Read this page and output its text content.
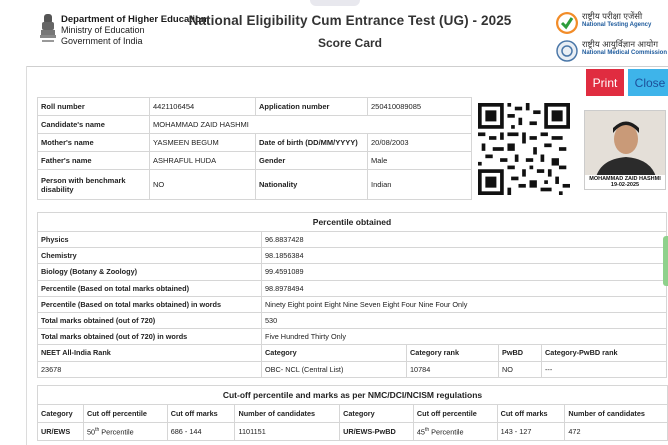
Department of Higher Education
Ministry of Education
Government of India
National Eligibility Cum Entrance Test (UG) - 2025
Score Card
राष्ट्रीय परीक्षा एजेंसी
National Testing Agency
राष्ट्रीय आयुर्विज्ञान आयोग
National Medical Commission
Print	Close
Roll number	4421106454	Application number	250410089085
Candidate's name	MOHAMMAD ZAID HASHMI		
Mother's name	YASMEEN BEGUM	Date of birth (DD/MM/YYYY)	20/08/2003
Father's name	ASHRAFUL HUDA	Gender	Male
Person with benchmark disability	NO	Nationality	Indian
MOHAMMAD ZAID HASHMI
19-02-2025
Percentile obtained				
Physics	96.8837428			
Chemistry	98.1856384			
Biology (Botany & Zoology)	99.4591089			
Percentile (Based on total marks obtained)	98.8978494			
Percentile (Based on total marks obtained) in words	Ninety Eight point Eight Nine Seven Eight Four Nine Four Only			
Total marks obtained (out of 720)	530			
Total marks obtained (out of 720) in words	Five Hundred Thirty Only			
NEET All-India Rank	Category	Category rank	PwBD	Category-PwBD rank
23678	OBC- NCL (Central List)	10784	NO	---
Cut-off percentile and marks as per NMC/DCI/NCISM regulations							
Category	Cut off percentile	Cut off marks	Number of candidates	Category	Cut off percentile	Cut off marks	Number of candidates
UR/EWS	50th Percentile	686 - 144	1101151	UR/EWS-PwBD	45th Percentile	143 - 127	472
